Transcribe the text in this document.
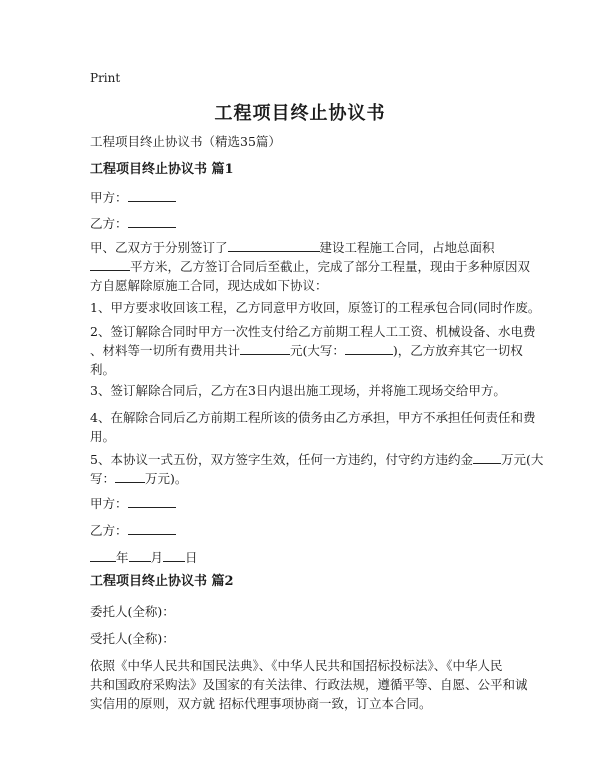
Print
工程项目终止协议书
工程项目终止协议书（精选35篇）
工程项目终止协议书 篇1
甲方：
乙方：
甲、乙双方于分别签订了	建设工程施工合同，占地总面积
平方米，乙方签订合同后至截止，完成了部分工程量，现由于多种原因双
方自愿解除原施工合同，现达成如下协议：
1、甲方要求收回该工程，乙方同意甲方收回，原签订的工程承包合同(同时作废。
2、签订解除合同时甲方一次性支付给乙方前期工程人工工资、机械设备、水电费
、材料等一切所有费用共计	元(大写：	)，乙方放弃其它一切权
利。
3、签订解除合同后，乙方在3日内退出施工现场，并将施工现场交给甲方。
4、在解除合同后乙方前期工程所该的债务由乙方承担，甲方不承担任何责任和费
用。
5、本协议一式五份，双方签字生效，任何一方违约，付守约方违约金 万元(大
写： 万元)。
甲方：
乙方：
年 月 日
工程项目终止协议书 篇2
委托人(全称)：
受托人(全称)：
依照《中华人民共和国民法典》、《中华人民共和国招标投标法》、《中华人民
共和国政府采购法》及国家的有关法律、行政法规，遵循平等、自愿、公平和诚
实信用的原则，双方就 招标代理事项协商一致，订立本合同。
